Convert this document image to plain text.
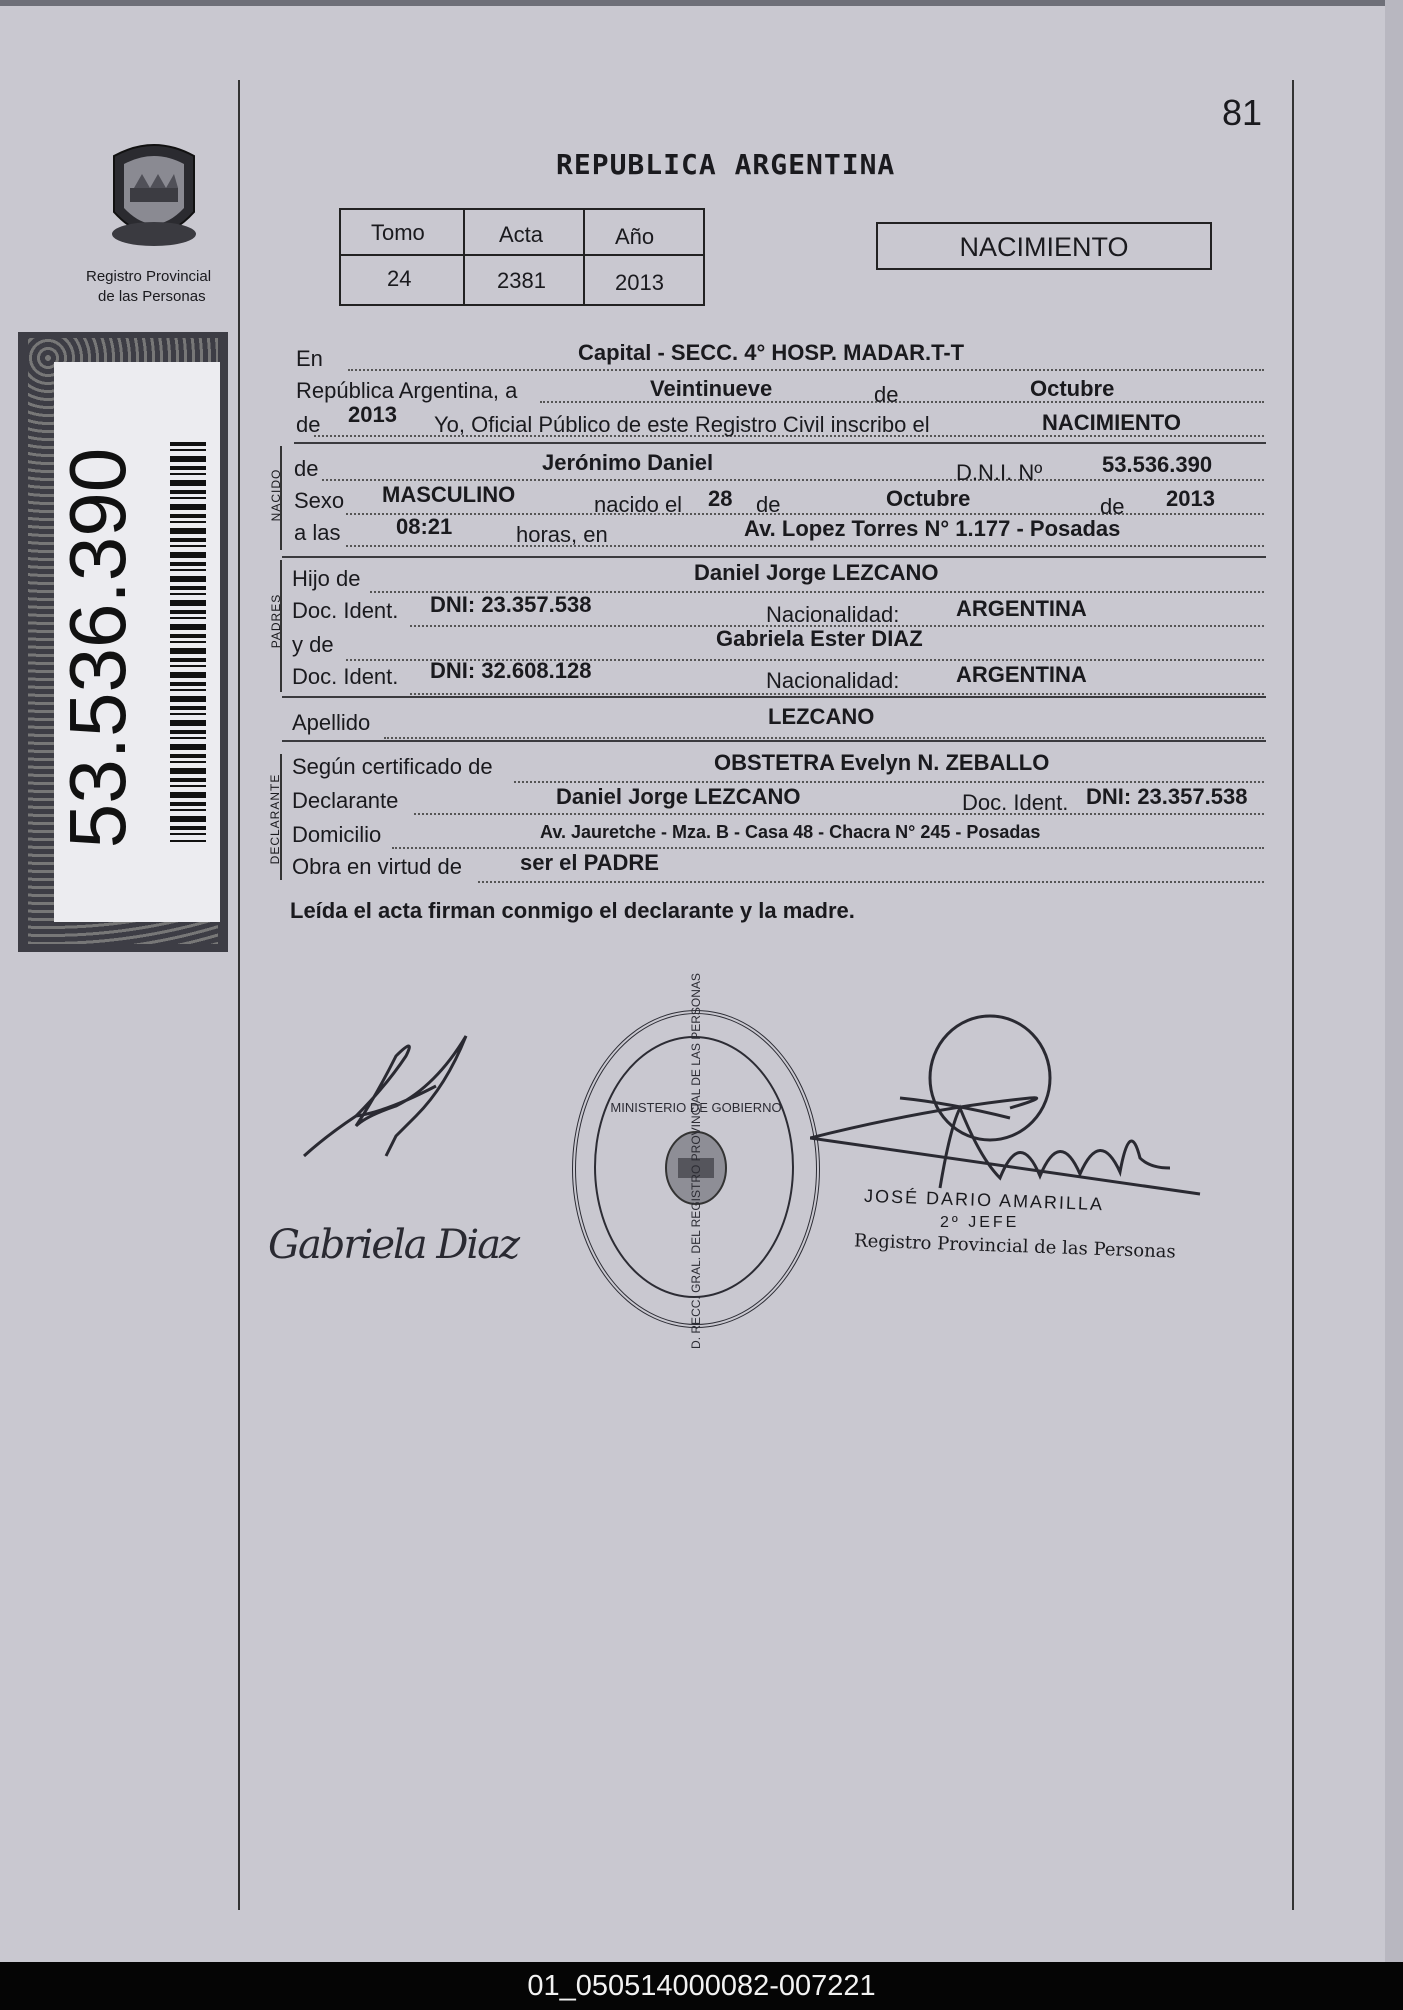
81
Registro Provincial
de las Personas
53.536.390
REPUBLICA ARGENTINA
Tomo	Acta	Año
24	2381	2013
NACIMIENTO
NACIDO
PADRES
DECLARANTE
En	Capital - SECC. 4° HOSP. MADAR.T-T
República Argentina, a	Veintinueve	de	Octubre
de 2013 Yo, Oficial Público de este Registro Civil inscribo el	NACIMIENTO
de	Jerónimo Daniel	D.N.I. Nº	53.536.390
Sexo MASCULINO	nacido el 28 de	Octubre	de 2013
a las	08:21	horas, en	Av. Lopez Torres N° 1.177 - Posadas
Hijo de	Daniel Jorge LEZCANO
Doc. Ident. DNI: 23.357.538	Nacionalidad:	ARGENTINA
y de	Gabriela Ester DIAZ
Doc. Ident. DNI: 32.608.128	Nacionalidad:	ARGENTINA
Apellido	LEZCANO
Según certificado de	OBSTETRA Evelyn N. ZEBALLO
Declarante	Daniel Jorge LEZCANO	Doc. Ident. DNI: 23.357.538
Domicilio	Av. Jauretche - Mza. B - Casa 48 - Chacra N° 245 - Posadas
Obra en virtud de	ser el PADRE
Leída el acta firman conmigo el declarante y la madre.
Gabriela Diaz	D. RECC. GRAL. DEL REGISTRO PROVINCIAL DE LAS PERSONAS
MINISTERIO DE GOBIERNO
JOSÉ DARIO AMARILLA
2º JEFE
Registro Provincial de las Personas
01_050514000082-007221
